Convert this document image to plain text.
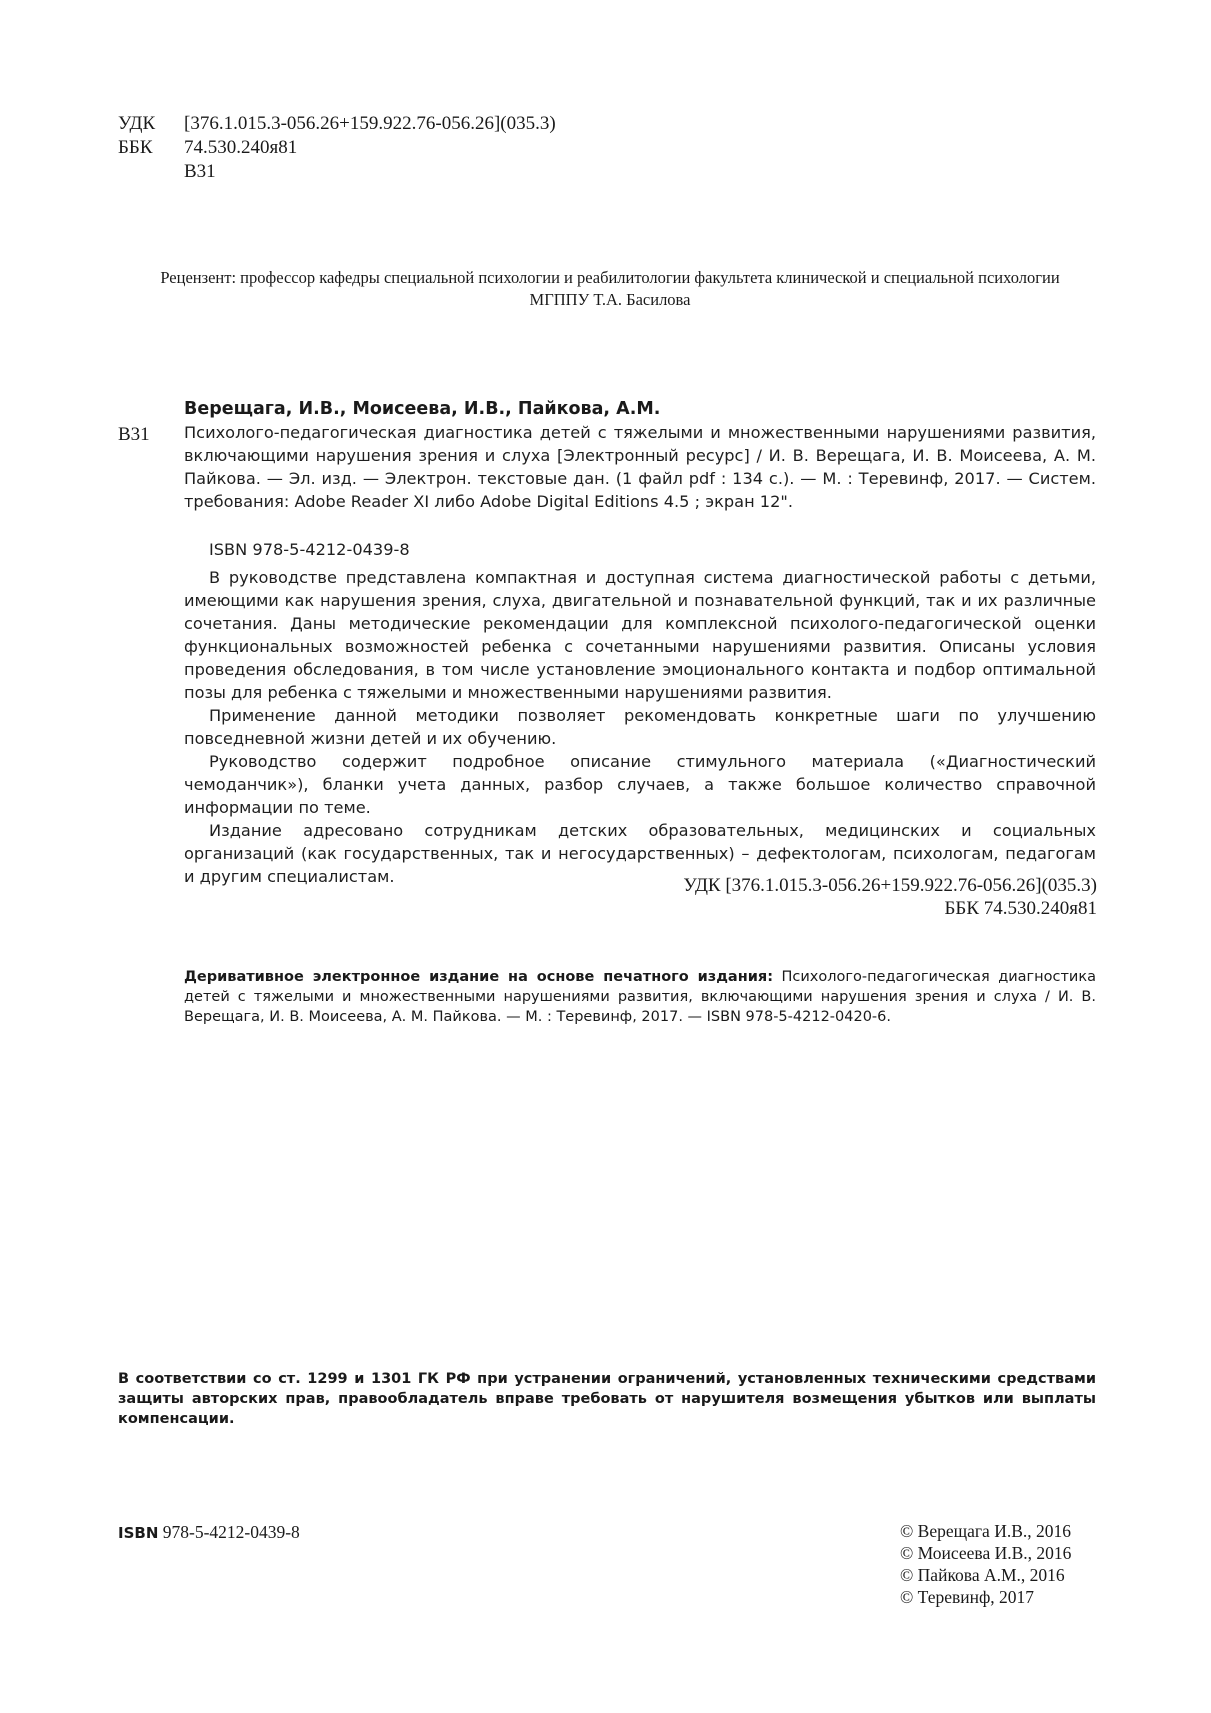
УДК	[376.1.015.3-056.26+159.922.76-056.26](035.3)
ББК	74.530.240я81
В31
Рецензент: профессор кафедры специальной психологии и реабилитологии факультета клинической и специальной психологии МГППУ Т.А. Басилова
Верещага, И.В., Моисеева, И.В., Пайкова, А.М.
В31 Психолого-педагогическая диагностика детей с тяжелыми и множественными нарушениями развития, включающими нарушения зрения и слуха [Электронный ресурс] / И. В. Верещага, И. В. Моисеева, А. М. Пайкова. — Эл. изд. — Электрон. текстовые дан. (1 файл pdf : 134 с.). — М. : Теревинф, 2017. — Систем. требования: Adobe Reader XI либо Adobe Digital Editions 4.5 ; экран 12".
ISBN 978-5-4212-0439-8

В руководстве представлена компактная и доступная система диагностической работы с детьми, имеющими как нарушения зрения, слуха, двигательной и познавательной функций, так и их различные сочетания. Даны методические рекомендации для комплексной психолого-педагогической оценки функциональных возможностей ребенка с сочетанными нарушениями развития. Описаны условия проведения обследования, в том числе установление эмоционального контакта и подбор оптимальной позы для ребенка с тяжелыми и множественными нарушениями развития.

Применение данной методики позволяет рекомендовать конкретные шаги по улучшению повседневной жизни детей и их обучению.

Руководство содержит подробное описание стимульного материала («Диагностический чемоданчик»), бланки учета данных, разбор случаев, а также большое количество справочной информации по теме.

Издание адресовано сотрудникам детских образовательных, медицинских и социальных организаций (как государственных, так и негосударственных) – дефектологам, психологам, педагогам и другим специалистам.	УДК [376.1.015.3-056.26+159.922.76-056.26](035.3)
ББК 74.530.240я81
Деривативное электронное издание на основе печатного издания: Психолого-педагогическая диагностика детей с тяжелыми и множественными нарушениями развития, включающими нарушения зрения и слуха / И. В. Верещага, И. В. Моисеева, А. М. Пайкова. — М. : Теревинф, 2017. — ISBN 978-5-4212-0420-6.
В соответствии со ст. 1299 и 1301 ГК РФ при устранении ограничений, установленных техническими средствами защиты авторских прав, правообладатель вправе требовать от нарушителя возмещения убытков или выплаты компенсации.
ISBN 978-5-4212-0439-8	© Верещага И.В., 2016
© Моисеева И.В., 2016
© Пайкова А.М., 2016
© Теревинф, 2017
